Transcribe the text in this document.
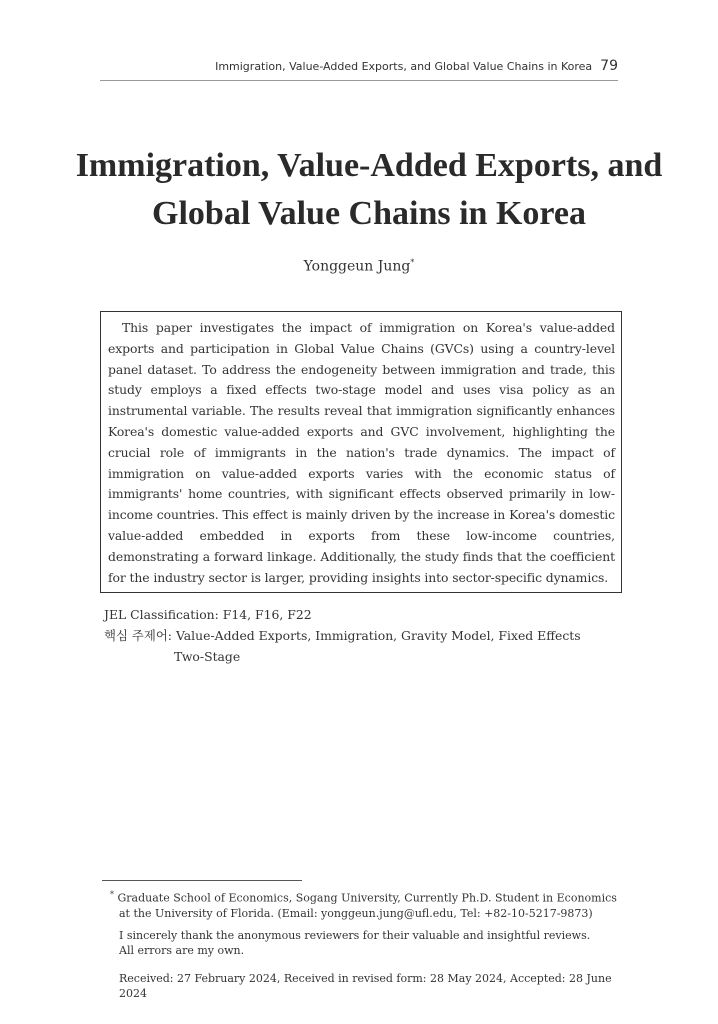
Immigration, Value-Added Exports, and Global Value Chains in Korea 79
Immigration, Value-Added Exports, and
Global Value Chains in Korea
Yonggeun Jung*

This paper investigates the impact of immigration on Korea's value-added exports and participation in Global Value Chains (GVCs) using a country-level panel dataset. To address the endogeneity between immigration and trade, this study employs a fixed effects two-stage model and uses visa policy as an instrumental variable. The results reveal that immigration significantly enhances Korea's domestic value-added exports and GVC involvement, highlighting the crucial role of immigrants in the nation's trade dynamics. The impact of immigration on value-added exports varies with the economic status of immigrants' home countries, with significant effects observed primarily in low-income countries. This effect is mainly driven by the increase in Korea's domestic value-added embedded in exports from these low-income countries, demonstrating a forward linkage. Additionally, the study finds that the coefficient for the industry sector is larger, providing insights into sector-specific dynamics.

JEL Classification: F14, F16, F22
핵심 주제어: Value-Added Exports, Immigration, Gravity Model, Fixed Effects
Two-Stage

* Graduate School of Economics, Sogang University, Currently Ph.D. Student in Economics

at the University of Florida. (Email: yonggeun.jung@ufl.edu, Tel: +82-10-5217-9873)

I sincerely thank the anonymous reviewers for their valuable and insightful reviews.

All errors are my own.

Received: 27 February 2024, Received in revised form: 28 May 2024, Accepted: 28 June 2024
